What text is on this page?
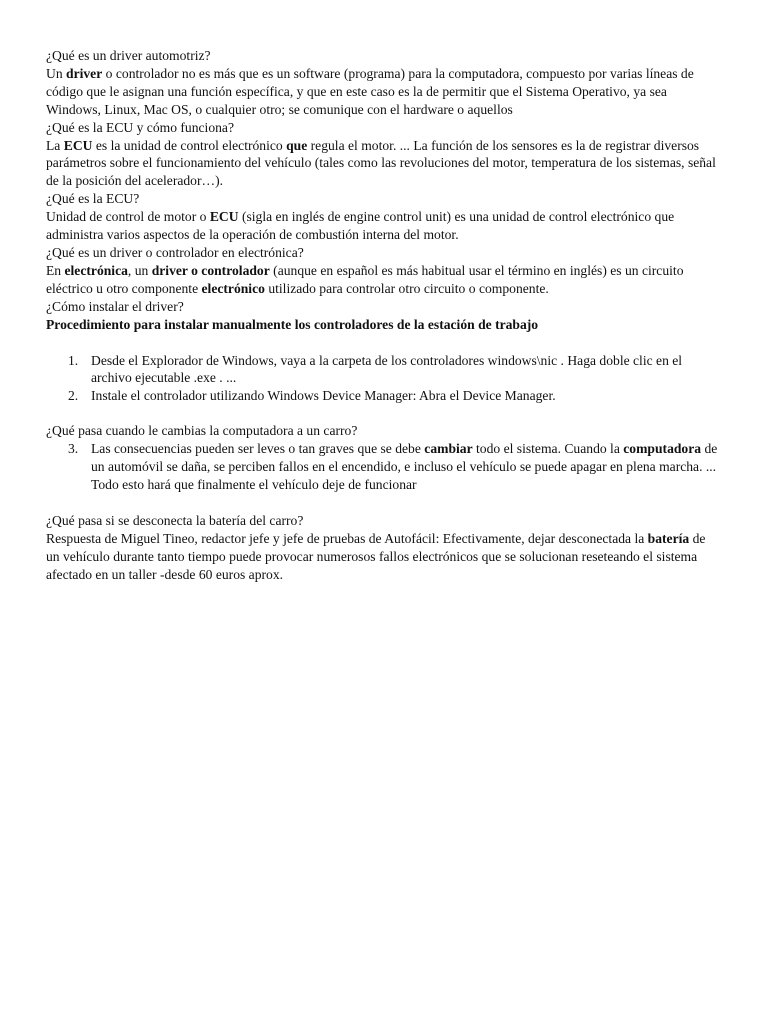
¿Qué es un driver automotriz?

Un driver o controlador no es más que es un software (programa) para la computadora, compuesto por varias líneas de código que le asignan una función específica, y que en este caso es la de permitir que el Sistema Operativo, ya sea Windows, Linux, Mac OS, o cualquier otro; se comunique con el hardware o aquellos

¿Qué es la ECU y cómo funciona?

La ECU es la unidad de control electrónico que regula el motor. ... La función de los sensores es la de registrar diversos parámetros sobre el funcionamiento del vehículo (tales como las revoluciones del motor, temperatura de los sistemas, señal de la posición del acelerador…).

¿Qué es la ECU?

Unidad de control de motor o ECU (sigla en inglés de engine control unit) es una unidad de control electrónico que administra varios aspectos de la operación de combustión interna del motor.

¿Qué es un driver o controlador en electrónica?

En electrónica, un driver o controlador (aunque en español es más habitual usar el término en inglés) es un circuito eléctrico u otro componente electrónico utilizado para controlar otro circuito o componente.

¿Cómo instalar el driver?

Procedimiento para instalar manualmente los controladores de la estación de trabajo

1. Desde el Explorador de Windows, vaya a la carpeta de los controladores windows\nic . Haga doble clic en el archivo ejecutable .exe . ...
2. Instale el controlador utilizando Windows Device Manager: Abra el Device Manager.

¿Qué pasa cuando le cambias la computadora a un carro?

3. Las consecuencias pueden ser leves o tan graves que se debe cambiar todo el sistema. Cuando la computadora de un automóvil se daña, se perciben fallos en el encendido, e incluso el vehículo se puede apagar en plena marcha. ... Todo esto hará que finalmente el vehículo deje de funcionar

¿Qué pasa si se desconecta la batería del carro?

Respuesta de Miguel Tineo, redactor jefe y jefe de pruebas de Autofácil: Efectivamente, dejar desconectada la batería de un vehículo durante tanto tiempo puede provocar numerosos fallos electrónicos que se solucionan reseteando el sistema afectado en un taller -desde 60 euros aprox.
